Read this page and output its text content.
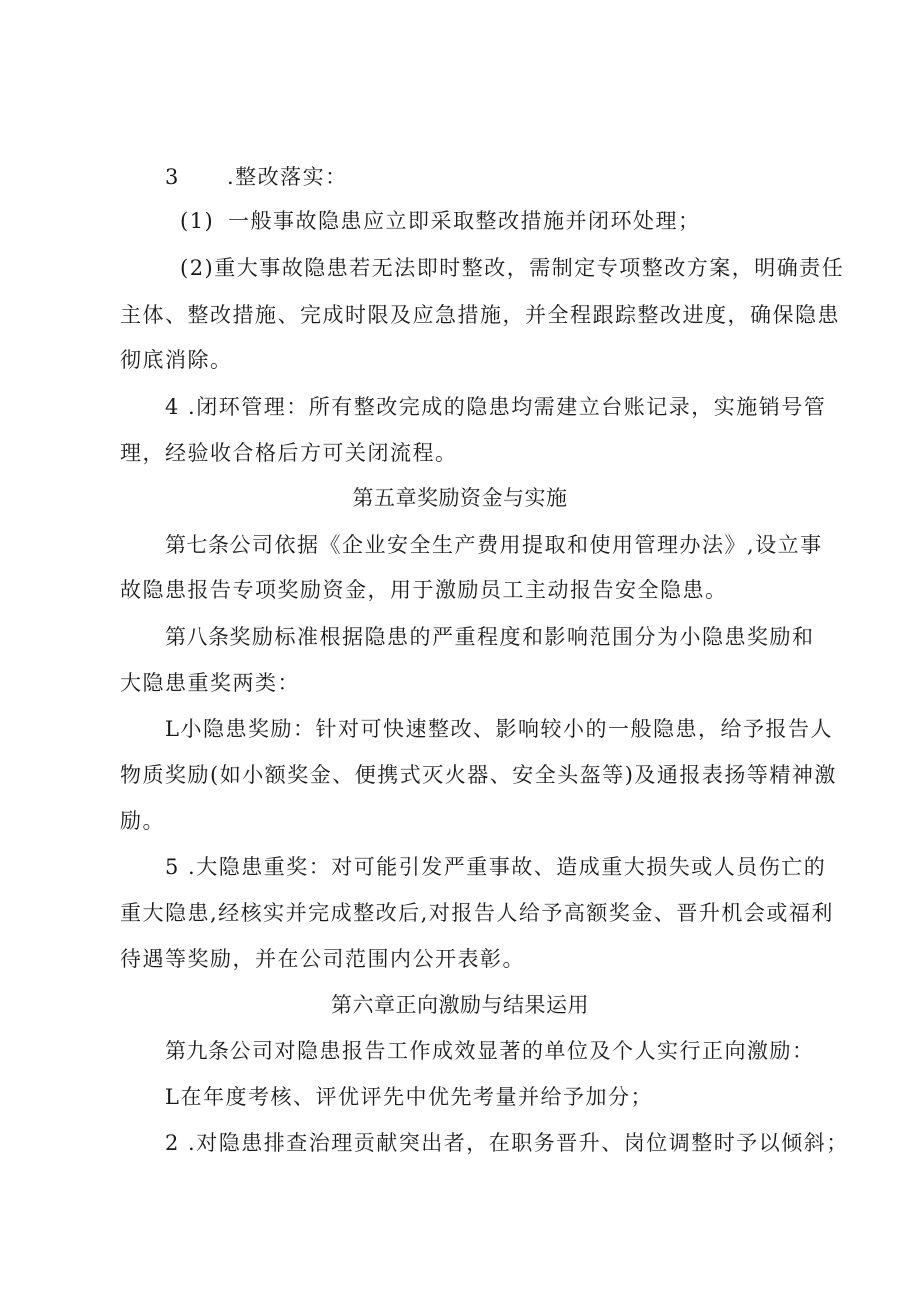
3 .整改落实：
(1) 一般事故隐患应立即采取整改措施并闭环处理；
(2)重大事故隐患若无法即时整改，需制定专项整改方案，明确责任
主体、整改措施、完成时限及应急措施，并全程跟踪整改进度，确保隐患
彻底消除。
4 .闭环管理：所有整改完成的隐患均需建立台账记录，实施销号管
理，经验收合格后方可关闭流程。
第五章奖励资金与实施
第七条公司依据《企业安全生产费用提取和使用管理办法》,设立事
故隐患报告专项奖励资金，用于激励员工主动报告安全隐患。
第八条奖励标准根据隐患的严重程度和影响范围分为小隐患奖励和
大隐患重奖两类：
L小隐患奖励：针对可快速整改、影响较小的一般隐患，给予报告人
物质奖励(如小额奖金、便携式灭火器、安全头盔等)及通报表扬等精神激
励。
5 .大隐患重奖：对可能引发严重事故、造成重大损失或人员伤亡的
重大隐患,经核实并完成整改后,对报告人给予高额奖金、晋升机会或福利
待遇等奖励，并在公司范围内公开表彰。
第六章正向激励与结果运用
第九条公司对隐患报告工作成效显著的单位及个人实行正向激励：
L在年度考核、评优评先中优先考量并给予加分；
2 .对隐患排查治理贡献突出者，在职务晋升、岗位调整时予以倾斜；
